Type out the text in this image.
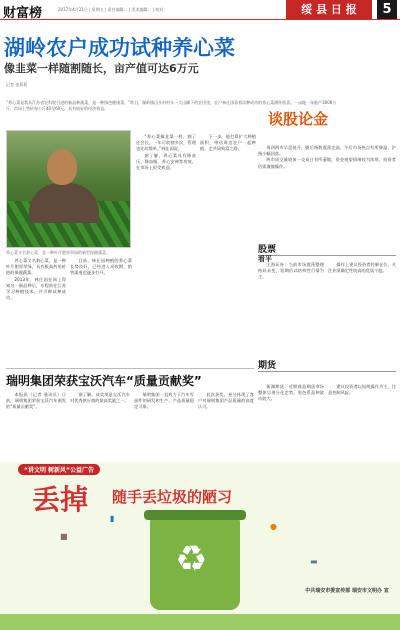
财富榜	2017年4月21日 | 星期五 | 责任编辑： | 美术编辑： | 校对：	绥 县 日 报	5
湖岭农户成功试种养心菜
像韭菜一样随割随长，亩产值可达6万元
记者 金莉莉
“养心菜是我从江苏省农科院引进的新品种蔬菜，是一种绿色健康菜。”昨日，湖岭镇山头村村头一大山脚下的农田里，农户林仕国看着试种成功的养心菜满怀欣喜。一亩地一年能产3000公斤，市场上售价每公斤40至60元，具有较好的经济效益。
养心菜又名救心菜，是一种叶片肥厚翠绿的新型保健蔬菜。

养心菜又名救心菜，是一种叶片肥厚翠绿，具有极高药用价值的保健蔬菜。

2013年，林仕国在网上得知这一新品种后，专程前往江苏学习种植技术，并引种试种成功。

目前，林仕国种植的养心菜长势良好，已经进入采收期，销售渠道也逐步打开。

“养心菜像韭菜一样，割了还会长，一年可收割多次，管理也比较简单。”林仕国说。

据了解，养心菜具有降血压、降血脂、养心安神等功效，在市场上很受欢迎。

下一步，他打算扩大种植面积，带动周边农户一起种植，走共同致富之路。

谈股论金

周四两市早盘低开，随后指数震荡走高，午后市场热点有所降温，沪指小幅回落。

两市成交量较前一交易日有所萎缩，资金观望情绪较为浓厚，投资者仍需谨慎操作。

股票
看平

上海证券：当前市场震荡整理格局未变，短期仍以结构性行情为主。

操作上建议投资者控制仓位，关注业绩确定性较高的优质个股。

期货

新湖期货：近期商品期货市场整体呈现分化走势，黑色系品种波动较大。

建议投资者以短线操作为主，注意控制风险。

瑞明集团荣获宝沃汽车“质量贡献奖”

本报讯（记者 通讯员）日前，瑞明集团荣获宝沃汽车颁发的“质量贡献奖”。

据了解，该奖项是宝沃汽车对优秀供应商的最高奖励之一。

瑞明集团一直致力于汽车零部件的研发和生产，产品质量稳定可靠。

此次获奖，充分体现了客户对瑞明集团产品质量的高度认可。

“讲文明 树新风”公益广告
丢掉 随手丢垃圾的陋习
■
▮
●
▬
♻
中共瑞安市委宣传部 瑞安市文明办 宣
